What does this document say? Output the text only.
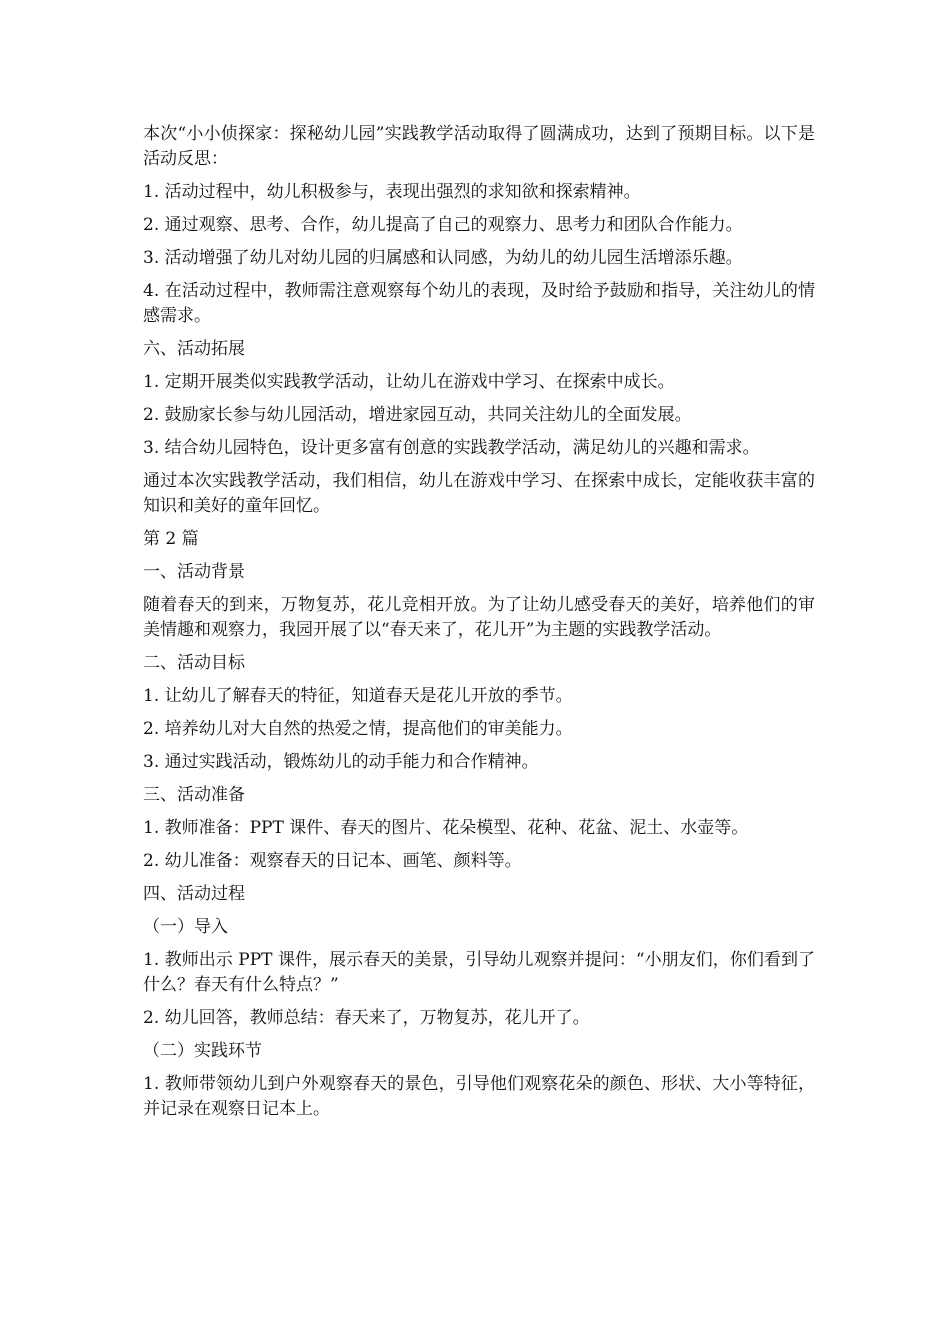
本次“小小侦探家：探秘幼儿园”实践教学活动取得了圆满成功，达到了预期目标。以下是活动反思：

1. 活动过程中，幼儿积极参与，表现出强烈的求知欲和探索精神。

2. 通过观察、思考、合作，幼儿提高了自己的观察力、思考力和团队合作能力。

3. 活动增强了幼儿对幼儿园的归属感和认同感，为幼儿的幼儿园生活增添乐趣。

4. 在活动过程中，教师需注意观察每个幼儿的表现，及时给予鼓励和指导，关注幼儿的情感需求。

六、活动拓展

1. 定期开展类似实践教学活动，让幼儿在游戏中学习、在探索中成长。

2. 鼓励家长参与幼儿园活动，增进家园互动，共同关注幼儿的全面发展。

3. 结合幼儿园特色，设计更多富有创意的实践教学活动，满足幼儿的兴趣和需求。

通过本次实践教学活动，我们相信，幼儿在游戏中学习、在探索中成长，定能收获丰富的知识和美好的童年回忆。

第 2 篇

一、活动背景

随着春天的到来，万物复苏，花儿竞相开放。为了让幼儿感受春天的美好，培养他们的审美情趣和观察力，我园开展了以“春天来了，花儿开”为主题的实践教学活动。

二、活动目标

1. 让幼儿了解春天的特征，知道春天是花儿开放的季节。

2. 培养幼儿对大自然的热爱之情，提高他们的审美能力。

3. 通过实践活动，锻炼幼儿的动手能力和合作精神。

三、活动准备

1. 教师准备：PPT 课件、春天的图片、花朵模型、花种、花盆、泥土、水壶等。

2. 幼儿准备：观察春天的日记本、画笔、颜料等。

四、活动过程

（一）导入

1. 教师出示 PPT 课件，展示春天的美景，引导幼儿观察并提问：“小朋友们，你们看到了什么？春天有什么特点？”

2. 幼儿回答，教师总结：春天来了，万物复苏，花儿开了。

（二）实践环节

1. 教师带领幼儿到户外观察春天的景色，引导他们观察花朵的颜色、形状、大小等特征，并记录在观察日记本上。
